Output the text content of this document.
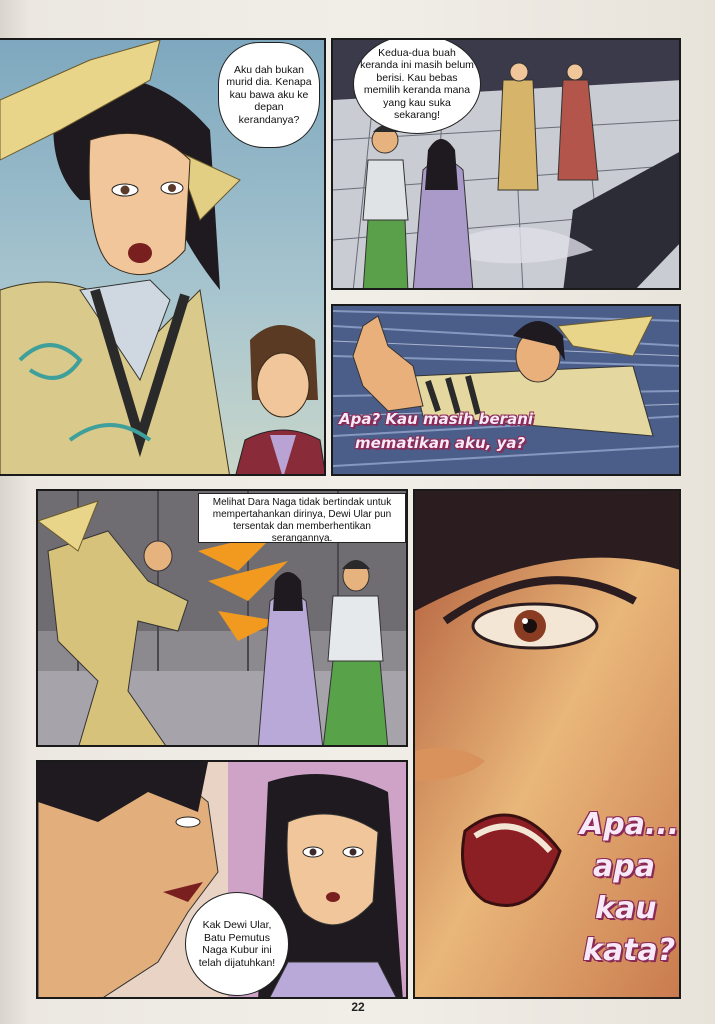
Aku dah bukan murid dia. Kenapa kau bawa aku ke depan kerandanya?
Kedua-dua buah keranda ini masih belum berisi. Kau bebas memilih keranda mana yang kau suka sekarang!
Apa? Kau masih berani
mematikan aku, ya?
Melihat Dara Naga tidak bertindak untuk mempertahankan dirinya, Dewi Ular pun tersentak dan memberhentikan serangannya.
Apa...
apa
kau
kata?
Kak Dewi Ular, Batu Pemutus Naga Kubur ini telah dijatuhkan!
22
